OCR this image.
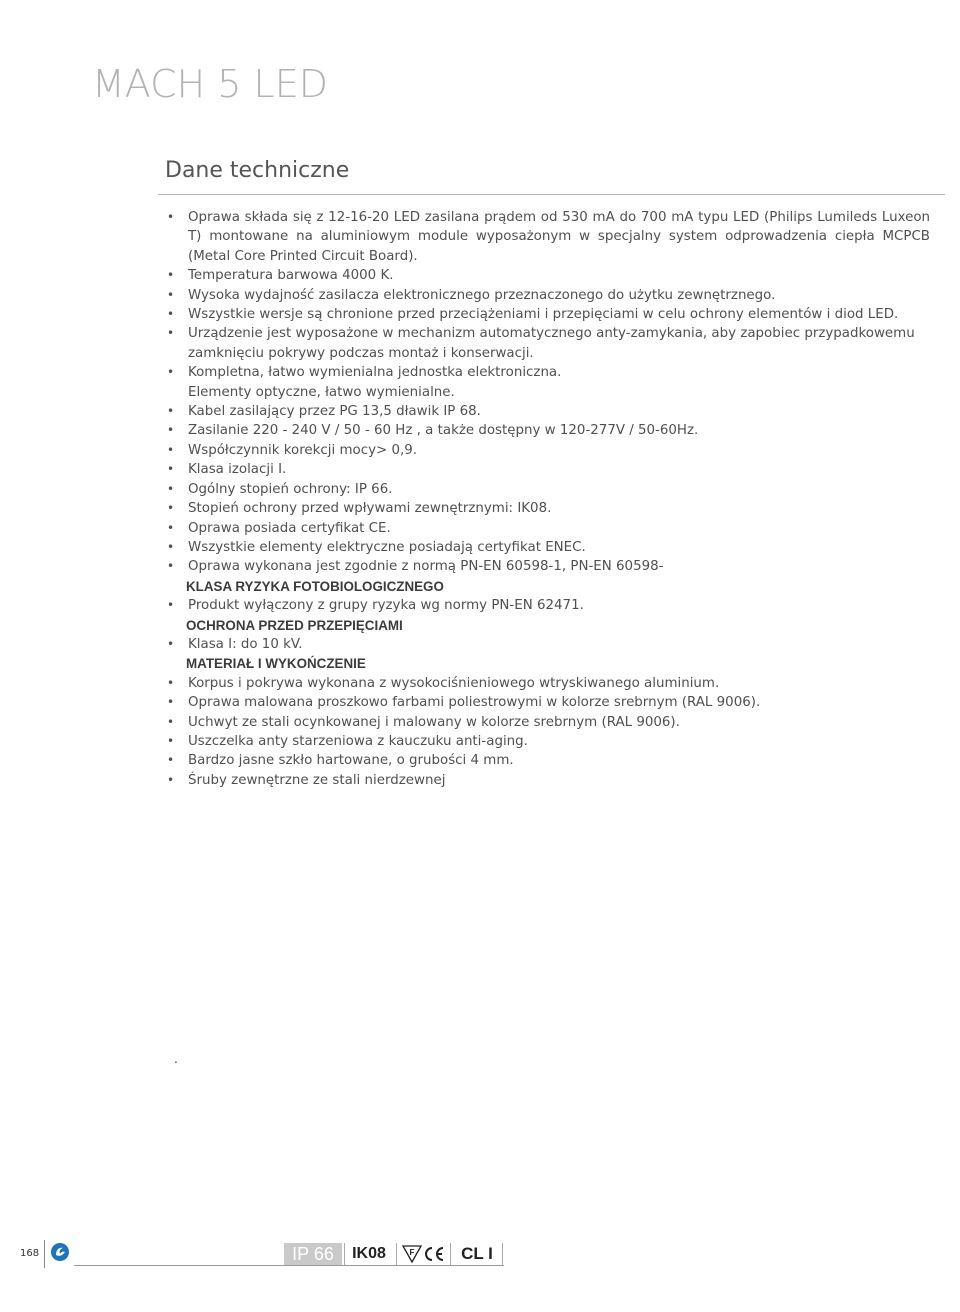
MACH 5 LED
Dane techniczne
• Oprawa składa się z 12-16-20 LED zasilana prądem od 530 mA do 700 mA typu LED (Philips Lumileds Luxeon T) montowane na aluminiowym module wyposażonym w specjalny system odprowadzenia ciepła MCPCB (Metal Core Printed Circuit Board).
• Temperatura barwowa 4000 K.
• Wysoka wydajność zasilacza elektronicznego przeznaczonego do użytku zewnętrznego.
• Wszystkie wersje są chronione przed przeciążeniami i przepięciami w celu ochrony elementów i diod LED.
• Urządzenie jest wyposażone w mechanizm automatycznego anty-zamykania, aby zapobiec przypadkowemu zamknięciu pokrywy podczas montaż i konserwacji.
• Kompletna, łatwo wymienialna jednostka elektroniczna.
Elementy optyczne, łatwo wymienialne.
• Kabel zasilający przez PG 13,5 dławik IP 68.
• Zasilanie 220 - 240 V / 50 - 60 Hz , a także dostępny w 120-277V / 50-60Hz.
• Współczynnik korekcji mocy> 0,9.
• Klasa izolacji I.
• Ogólny stopień ochrony: IP 66.
• Stopień ochrony przed wpływami zewnętrznymi: IK08.
• Oprawa posiada certyfikat CE.
• Wszystkie elementy elektryczne posiadają certyfikat ENEC.
• Oprawa wykonana jest zgodnie z normą PN-EN 60598-1, PN-EN 60598-
KLASA RYZYKA FOTOBIOLOGICZNEGO
• Produkt wyłączony z grupy ryzyka wg normy PN-EN 62471.
OCHRONA PRZED PRZEPIĘCIAMI
• Klasa I: do 10 kV.
MATERIAŁ I WYKOŃCZENIE
• Korpus i pokrywa wykonana z wysokociśnieniowego wtryskiwanego aluminium.
• Oprawa malowana proszkowo farbami poliestrowymi w kolorze srebrnym (RAL 9006).
• Uchwyt ze stali ocynkowanej i malowany w kolorze srebrnym (RAL 9006).
• Uszczelka anty starzeniowa z kauczuku anti-aging.
• Bardzo jasne szkło hartowane, o grubości 4 mm.
• Śruby zewnętrzne ze stali nierdzewnej
.
168	IP 66	IK08	F	CL I
